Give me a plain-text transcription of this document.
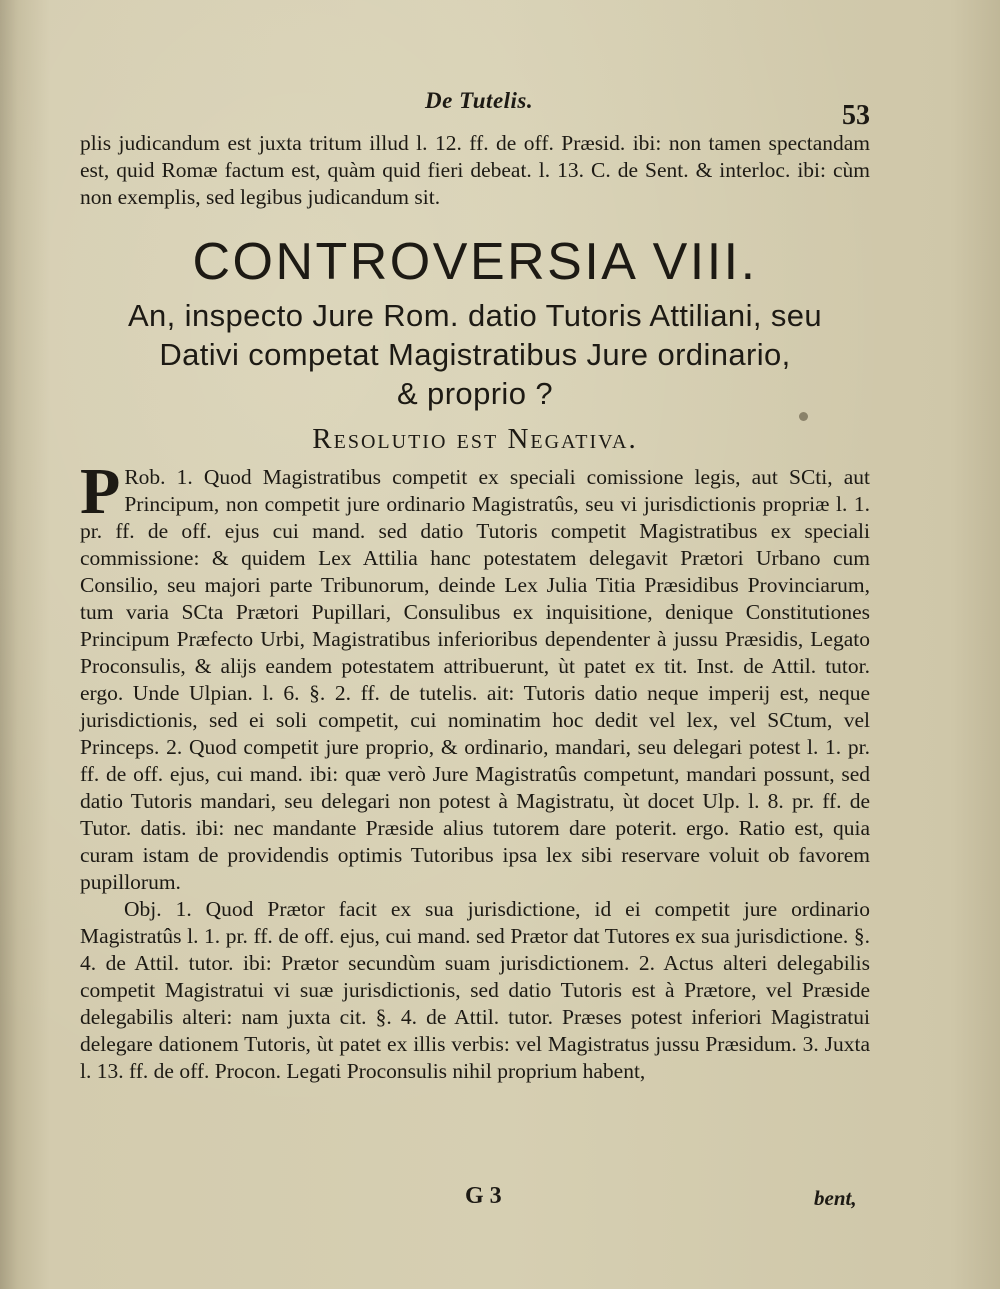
De Tutelis.	53

plis judicandum est juxta tritum illud l. 12. ff. de off. Præsid. ibi: non tamen spectandam est, quid Romæ factum est, quàm quid fieri debeat. l. 13. C. de Sent. & interloc. ibi: cùm non exemplis, sed legibus judicandum sit.

CONTROVERSIA VIII.
An, inspecto Jure Rom. datio Tutoris Attiliani, seu
Dativi competat Magistratibus Jure ordinario,
& proprio ?
Resolutio est Negativa.

P Rob. 1. Quod Magistratibus competit ex speciali comissione legis, aut SCti, aut Principum, non competit jure ordinario Magistratûs, seu vi jurisdictionis propriæ l. 1. pr. ff. de off. ejus cui mand. sed datio Tutoris competit Magistratibus ex speciali commissione: & quidem Lex Attilia hanc potestatem delegavit Prætori Urbano cum Consilio, seu majori parte Tribunorum, deinde Lex Julia Titia Præsidibus Provinciarum, tum varia SCta Prætori Pupillari, Consulibus ex inquisitione, denique Constitutiones Principum Præfecto Urbi, Magistratibus inferioribus dependenter à jussu Præsidis, Legato Proconsulis, & alijs eandem potestatem attribuerunt, ùt patet ex tit. Inst. de Attil. tutor. ergo. Unde Ulpian. l. 6. §. 2. ff. de tutelis. ait: Tutoris datio neque imperij est, neque jurisdictionis, sed ei soli competit, cui nominatim hoc dedit vel lex, vel SCtum, vel Princeps. 2. Quod competit jure proprio, & ordinario, mandari, seu delegari potest l. 1. pr. ff. de off. ejus, cui mand. ibi: quæ verò Jure Magistratûs competunt, mandari possunt, sed datio Tutoris mandari, seu delegari non potest à Magistratu, ùt docet Ulp. l. 8. pr. ff. de Tutor. datis. ibi: nec mandante Præside alius tutorem dare poterit. ergo. Ratio est, quia curam istam de providendis optimis Tutoribus ipsa lex sibi reservare voluit ob favorem pupillorum.

Obj. 1. Quod Prætor facit ex sua jurisdictione, id ei competit jure ordinario Magistratûs l. 1. pr. ff. de off. ejus, cui mand. sed Prætor dat Tutores ex sua jurisdictione. §. 4. de Attil. tutor. ibi: Prætor secundùm suam jurisdictionem. 2. Actus alteri delegabilis competit Magistratui vi suæ jurisdictionis, sed datio Tutoris est à Prætore, vel Præside delegabilis alteri: nam juxta cit. §. 4. de Attil. tutor. Præses potest inferiori Magistratui delegare dationem Tutoris, ùt patet ex illis verbis: vel Magistratus jussu Præsidum. 3. Juxta l. 13. ff. de off. Procon. Legati Proconsulis nihil proprium habent,

G 3	bent,
